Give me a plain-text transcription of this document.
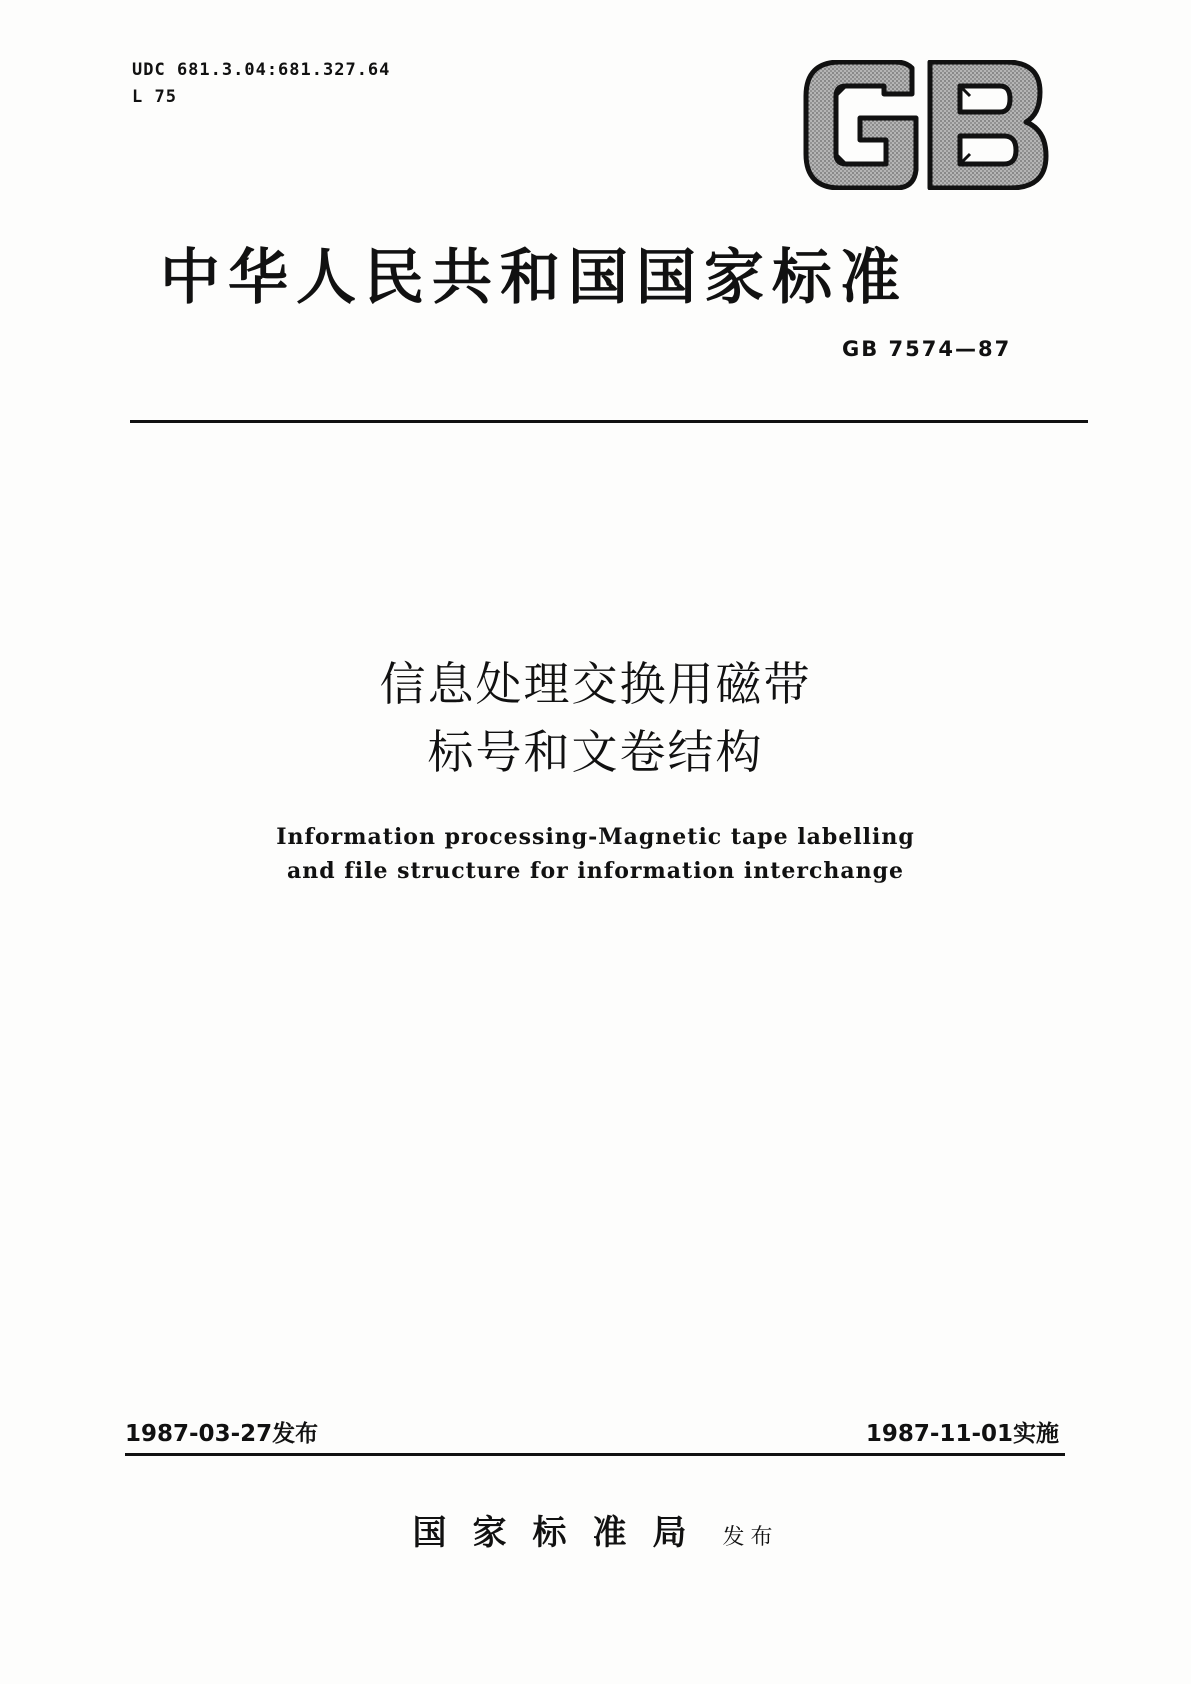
UDC 681.3.04:681.327.64
L 75
中华人民共和国国家标准
GB 7574—87
信息处理交换用磁带
标号和文卷结构
Information processing-Magnetic tape labelling
and file structure for information interchange
1987-03-27发布	1987-11-01实施
国家标准局 发布
